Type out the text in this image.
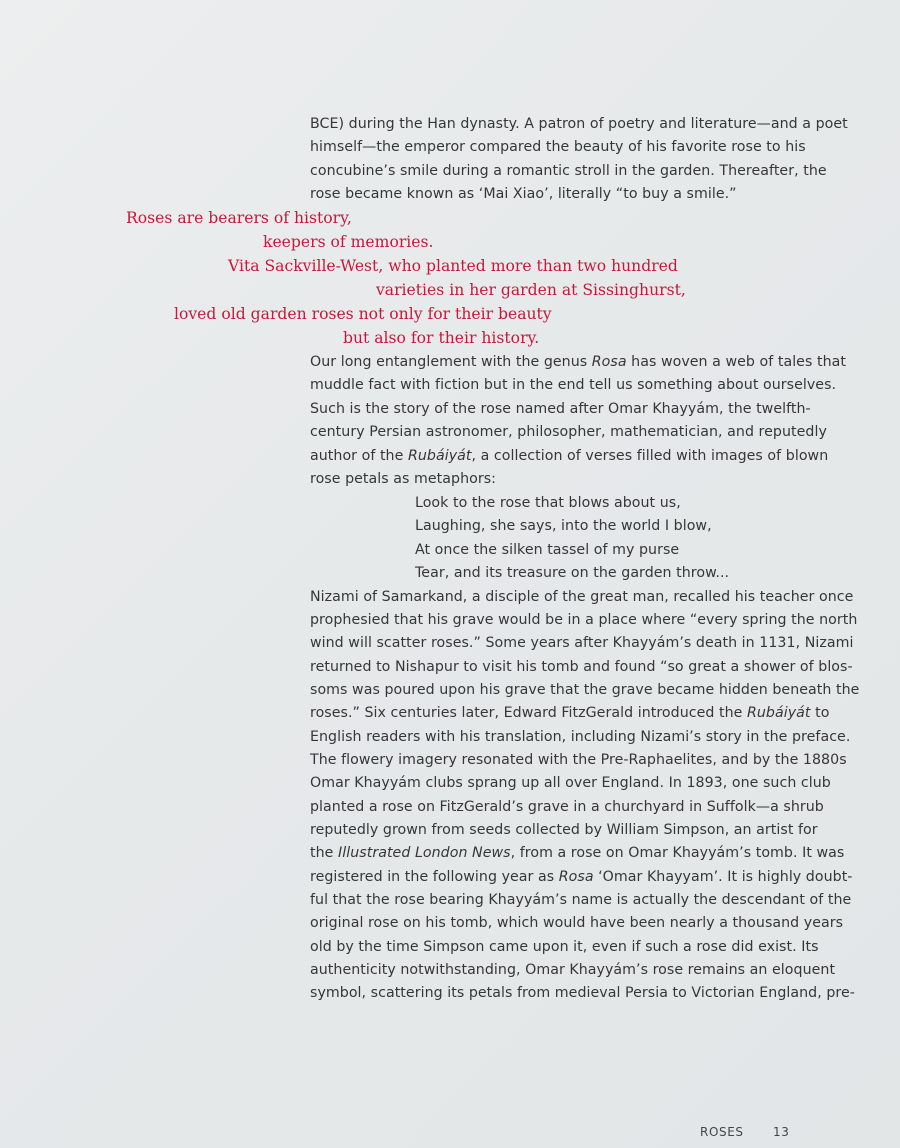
BCE) during the Han dynasty. A patron of poetry and literature—and a poet
himself—the emperor compared the beauty of his favorite rose to his
concubine’s smile during a romantic stroll in the garden. Thereafter, the
rose became known as ‘Mai Xiao’, literally “to buy a smile.”
Roses are bearers of history,
keepers of memories.
Vita Sackville-West, who planted more than two hundred
varieties in her garden at Sissinghurst,
loved old garden roses not only for their beauty
but also for their history.
Our long entanglement with the genus Rosa has woven a web of tales that
muddle fact with fiction but in the end tell us something about ourselves.
Such is the story of the rose named after Omar Khayyám, the twelfth-
century Persian astronomer, philosopher, mathematician, and reputedly
author of the Rubáiyát, a collection of verses filled with images of blown
rose petals as metaphors:
Look to the rose that blows about us,
Laughing, she says, into the world I blow,
At once the silken tassel of my purse
Tear, and its treasure on the garden throw...
Nizami of Samarkand, a disciple of the great man, recalled his teacher once
prophesied that his grave would be in a place where “every spring the north
wind will scatter roses.” Some years after Khayyám’s death in 1131, Nizami
returned to Nishapur to visit his tomb and found “so great a shower of blos-
soms was poured upon his grave that the grave became hidden beneath the
roses.” Six centuries later, Edward FitzGerald introduced the Rubáiyát to
English readers with his translation, including Nizami’s story in the preface.
The flowery imagery resonated with the Pre-Raphaelites, and by the 1880s
Omar Khayyám clubs sprang up all over England. In 1893, one such club
planted a rose on FitzGerald’s grave in a churchyard in Suffolk—a shrub
reputedly grown from seeds collected by William Simpson, an artist for
the Illustrated London News, from a rose on Omar Khayyám’s tomb. It was
registered in the following year as Rosa ‘Omar Khayyam’. It is highly doubt-
ful that the rose bearing Khayyám’s name is actually the descendant of the
original rose on his tomb, which would have been nearly a thousand years
old by the time Simpson came upon it, even if such a rose did exist. Its
authenticity notwithstanding, Omar Khayyám’s rose remains an eloquent
symbol, scattering its petals from medieval Persia to Victorian England, pre-
ROSES 13
